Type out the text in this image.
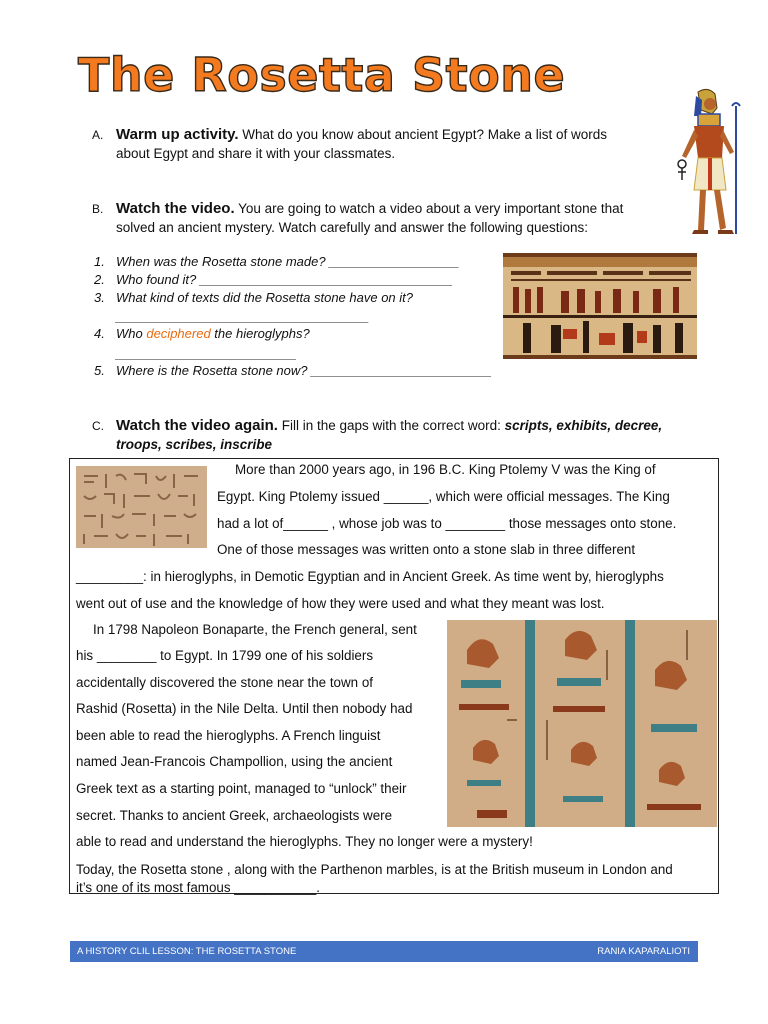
The Rosetta Stone
A. Warm up activity. What do you know about ancient Egypt? Make a list of words
about Egypt and share it with your classmates.
B. Watch the video. You are going to watch a video about a very important stone that
solved an ancient mystery. Watch carefully and answer the following questions:
1. When was the Rosetta stone made? __________________
2. Who found it? ___________________________________
3. What kind of texts did the Rosetta stone have on it?
___________________________________
4. Who deciphered the hieroglyphs?
_________________________
5. Where is the Rosetta stone now? _________________________
C. Watch the video again. Fill in the gaps with the correct word: scripts, exhibits, decree,
troops, scribes, inscribe
More than 2000 years ago, in 196 B.C. King Ptolemy V was the King of
Egypt. King Ptolemy issued ______, which were official messages. The King
had a lot of______ , whose job was to ________ those messages onto stone.
One of those messages was written onto a stone slab in three different
_________: in hieroglyphs, in Demotic Egyptian and in Ancient Greek. As time went by, hieroglyphs
went out of use and the knowledge of how they were used and what they meant was lost.
In 1798 Napoleon Bonaparte, the French general, sent
his ________ to Egypt. In 1799 one of his soldiers
accidentally discovered the stone near the town of
Rashid (Rosetta) in the Nile Delta. Until then nobody had
been able to read the hieroglyphs. A French linguist
named Jean-Francois Champollion, using the ancient
Greek text as a starting point, managed to “unlock” their
secret. Thanks to ancient Greek, archaeologists were
able to read and understand the hieroglyphs. They no longer were a mystery!
Today, the Rosetta stone , along with the Parthenon marbles, is at the British museum in London and
it’s one of its most famous ___________.
A HISTORY CLIL LESSON: THE ROSETTA STONE	RANIA KAPARALIOTI
